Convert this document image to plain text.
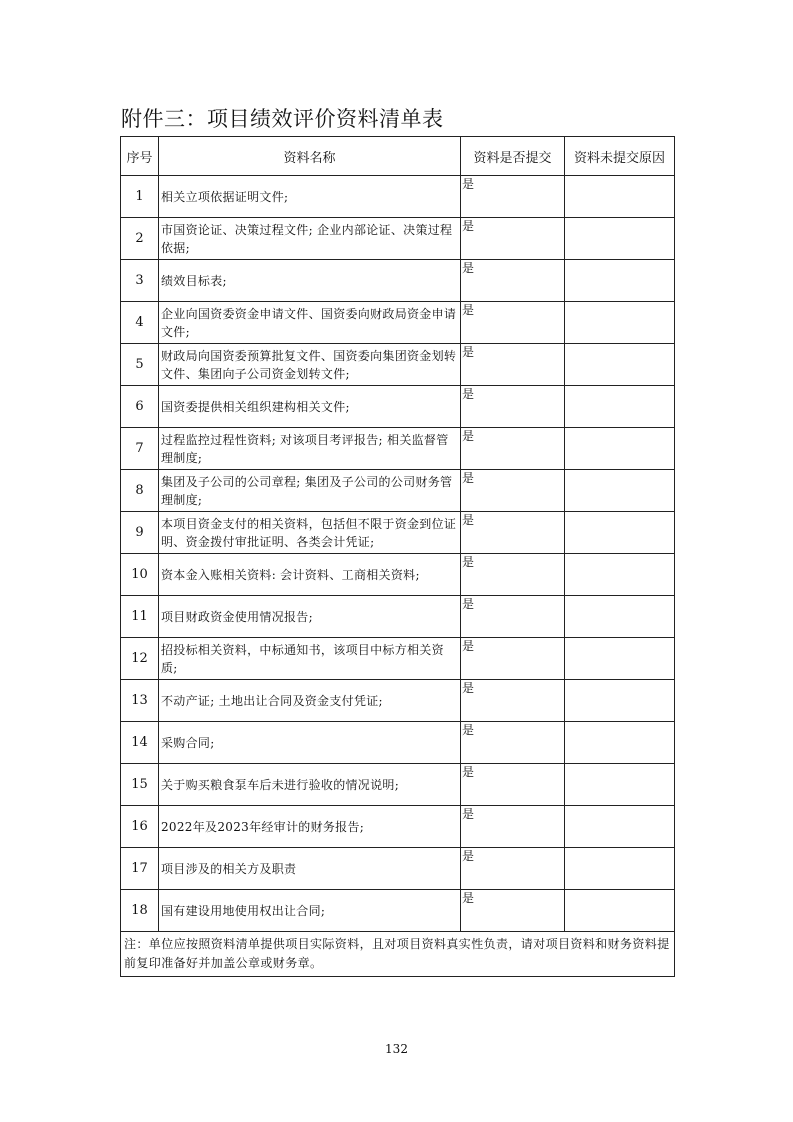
附件三：项目绩效评价资料清单表
序号	资料名称	资料是否提交	资料未提交原因
1	相关立项依据证明文件;	是	
2	市国资论证、决策过程文件; 企业内部论证、决策过程依据;	是	
3	绩效目标表;	是	
4	企业向国资委资金申请文件、国资委向财政局资金申请文件;	是	
5	财政局向国资委预算批复文件、国资委向集团资金划转文件、集团向子公司资金划转文件;	是	
6	国资委提供相关组织建构相关文件;	是	
7	过程监控过程性资料; 对该项目考评报告; 相关监督管理制度;	是	
8	集团及子公司的公司章程; 集团及子公司的公司财务管理制度;	是	
9	本项目资金支付的相关资料，包括但不限于资金到位证明、资金拨付审批证明、各类会计凭证;	是	
10	资本金入账相关资料: 会计资料、工商相关资料;	是	
11	项目财政资金使用情况报告;	是	
12	招投标相关资料，中标通知书，该项目中标方相关资质;	是	
13	不动产证; 土地出让合同及资金支付凭证;	是	
14	采购合同;	是	
15	关于购买粮食泵车后未进行验收的情况说明;	是	
16	2022年及2023年经审计的财务报告;	是	
17	项目涉及的相关方及职责	是	
18	国有建设用地使用权出让合同;	是	
注：单位应按照资料清单提供项目实际资料，且对项目资料真实性负责，请对项目资料和财务资料提前复印准备好并加盖公章或财务章。			
132
